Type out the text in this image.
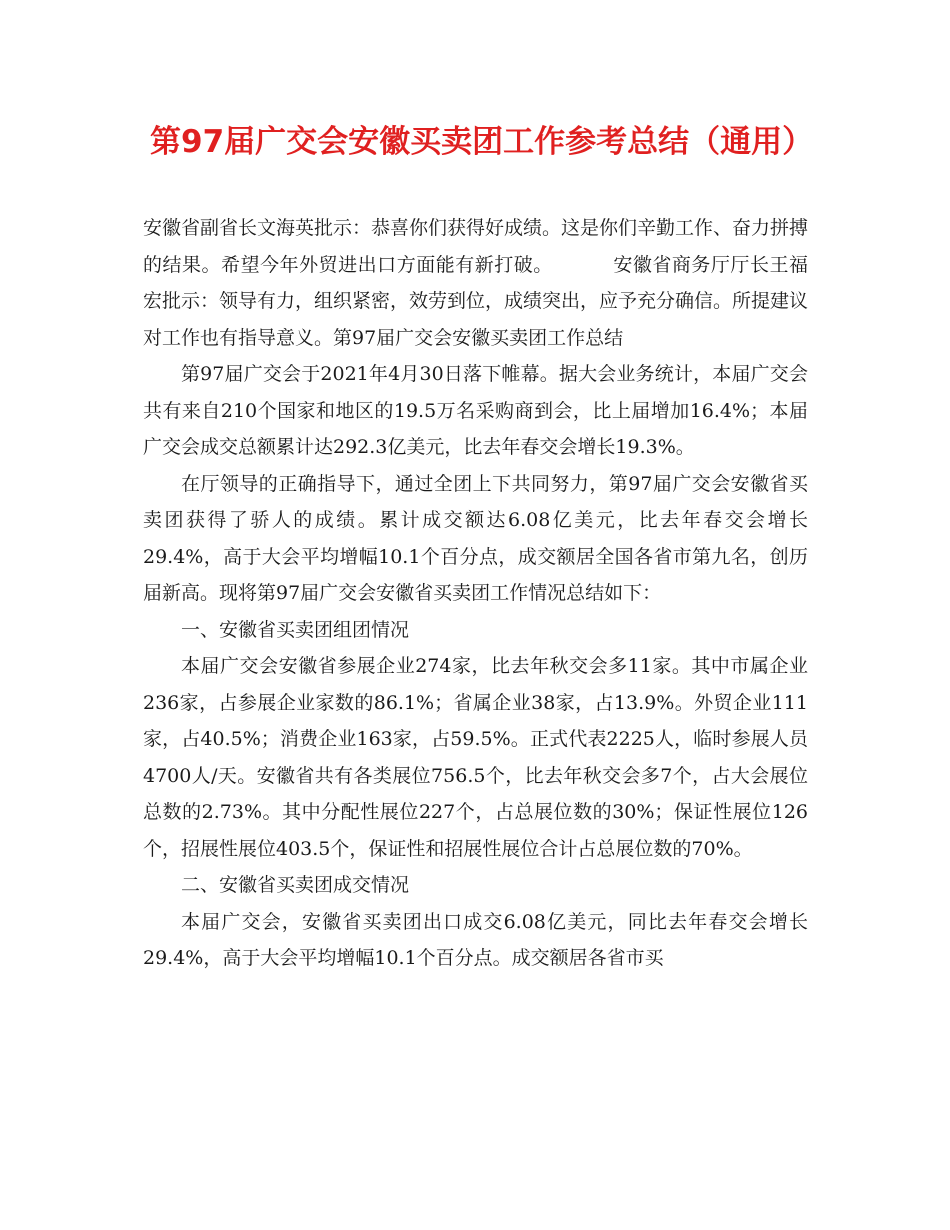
第97届广交会安徽买卖团工作参考总结（通用）

安徽省副省长文海英批示：恭喜你们获得好成绩。这是你们辛勤工作、奋力拼搏的结果。希望今年外贸进出口方面能有新打破。	安徽省商务厅厅长王福宏批示：领导有力，组织紧密，效劳到位，成绩突出，应予充分确信。所提建议对工作也有指导意义。第97届广交会安徽买卖团工作总结

第97届广交会于2021年4月30日落下帷幕。据大会业务统计，本届广交会共有来自210个国家和地区的19.5万名采购商到会，比上届增加16.4%；本届广交会成交总额累计达292.3亿美元，比去年春交会增长19.3%。

在厅领导的正确指导下，通过全团上下共同努力，第97届广交会安徽省买卖团获得了骄人的成绩。累计成交额达6.08亿美元，比去年春交会增长29.4%，高于大会平均增幅10.1个百分点，成交额居全国各省市第九名，创历届新高。现将第97届广交会安徽省买卖团工作情况总结如下：

一、安徽省买卖团组团情况

本届广交会安徽省参展企业274家，比去年秋交会多11家。其中市属企业236家，占参展企业家数的86.1%；省属企业38家，占13.9%。外贸企业111家，占40.5%；消费企业163家，占59.5%。正式代表2225人，临时参展人员4700人/天。安徽省共有各类展位756.5个，比去年秋交会多7个，占大会展位总数的2.73%。其中分配性展位227个，占总展位数的30%；保证性展位126个，招展性展位403.5个，保证性和招展性展位合计占总展位数的70%。

二、安徽省买卖团成交情况

本届广交会，安徽省买卖团出口成交6.08亿美元，同比去年春交会增长29.4%，高于大会平均增幅10.1个百分点。成交额居各省市买
